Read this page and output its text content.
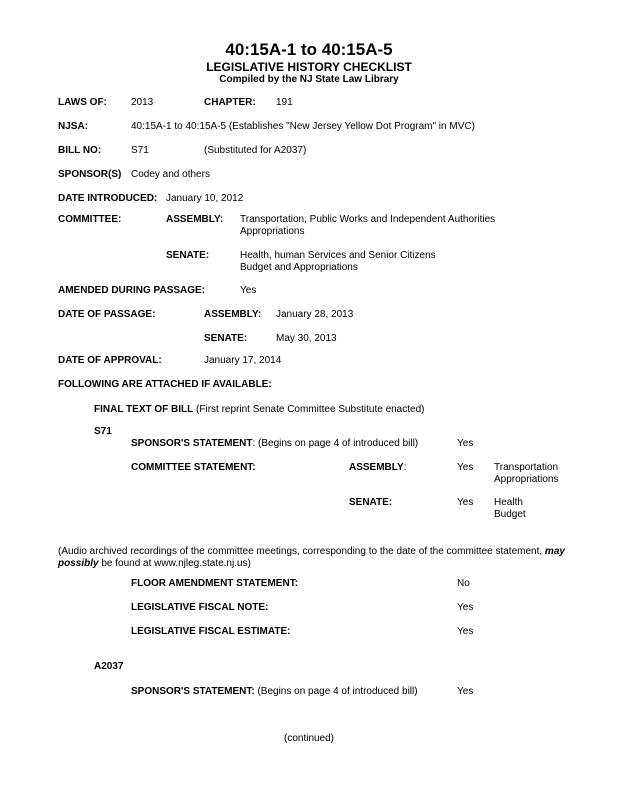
40:15A-1 to 40:15A-5
LEGISLATIVE HISTORY CHECKLIST
Compiled by the NJ State Law Library
LAWS OF: 2013	CHAPTER: 191
NJSA:	40:15A-1 to 40:15A-5 (Establishes "New Jersey Yellow Dot Program" in MVC)
BILL NO:	S71	(Substituted for A2037)
SPONSOR(S) Codey and others
DATE INTRODUCED: January 10, 2012
COMMITTEE:	ASSEMBLY: Transportation, Public Works and Independent Authorities
Appropriations
SENATE:	Health, human Services and Senior Citizens
Budget and Appropriations
AMENDED DURING PASSAGE:	Yes
DATE OF PASSAGE:	ASSEMBLY: January 28, 2013
SENATE:	May 30, 2013
DATE OF APPROVAL:	January 17, 2014
FOLLOWING ARE ATTACHED IF AVAILABLE:
FINAL TEXT OF BILL (First reprint Senate Committee Substitute enacted)
S71
SPONSOR'S STATEMENT: (Begins on page 4 of introduced bill)	Yes
COMMITTEE STATEMENT:	ASSEMBLY:	Yes Transportation
Appropriations
SENATE:	Yes Health
Budget
(Audio archived recordings of the committee meetings, corresponding to the date of the committee statement, may possibly be found at www.njleg.state.nj.us)
FLOOR AMENDMENT STATEMENT:	No
LEGISLATIVE FISCAL NOTE:	Yes
LEGISLATIVE FISCAL ESTIMATE:	Yes
A2037
SPONSOR'S STATEMENT: (Begins on page 4 of introduced bill)	Yes
(continued)
